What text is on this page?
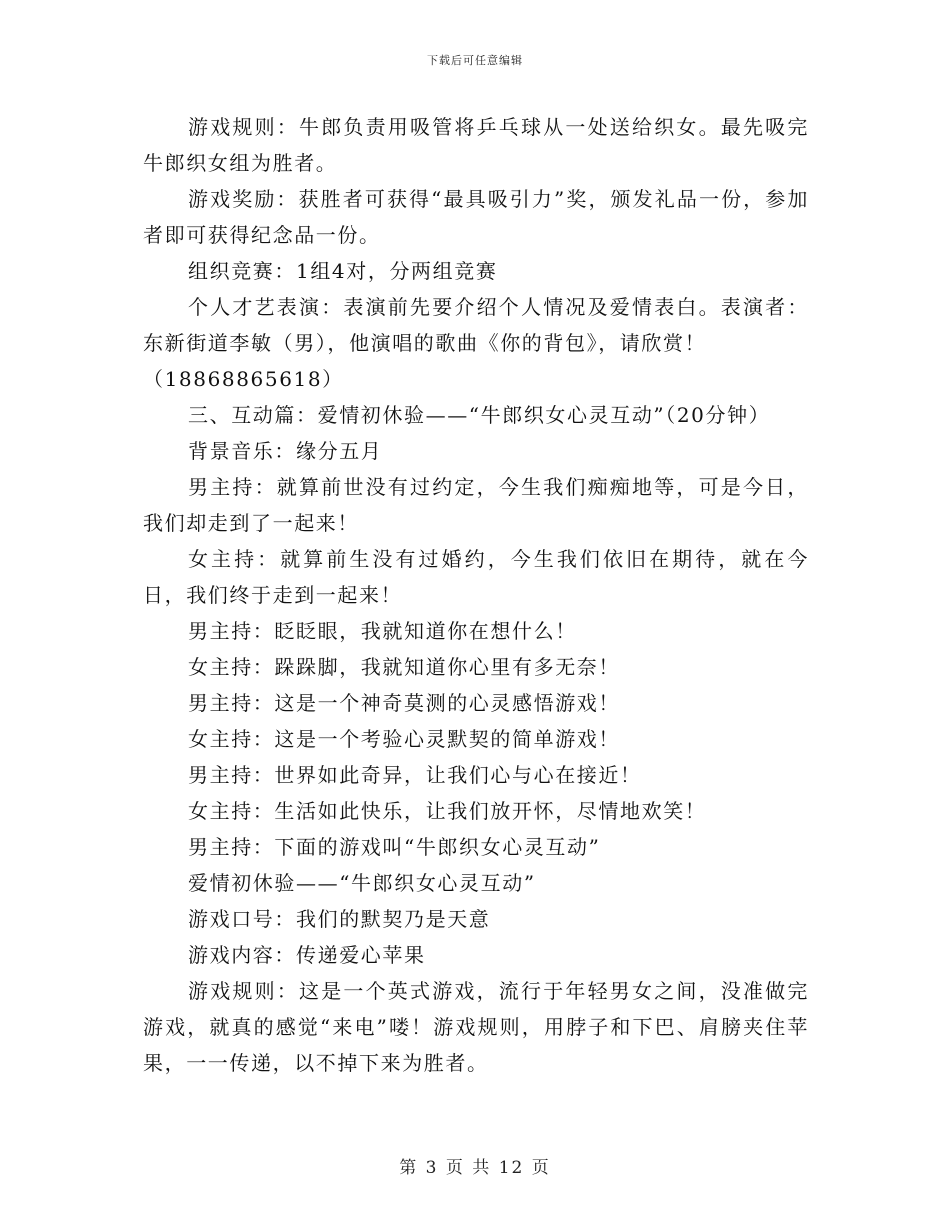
下载后可任意编辑

游戏规则：牛郎负责用吸管将乒乓球从一处送给织女。最先吸完牛郎织女组为胜者。

游戏奖励：获胜者可获得“最具吸引力”奖，颁发礼品一份，参加者即可获得纪念品一份。

组织竞赛：1组4对，分两组竞赛

个人才艺表演：表演前先要介绍个人情况及爱情表白。表演者：东新街道李敏（男），他演唱的歌曲《你的背包》，请欣赏！

（18868865618）

三、互动篇：爱情初休验——“牛郎织女心灵互动”（20分钟）

背景音乐：缘分五月

男主持：就算前世没有过约定，今生我们痴痴地等，可是今日，我们却走到了一起来！

女主持：就算前生没有过婚约，今生我们依旧在期待，就在今日，我们终于走到一起来！

男主持：眨眨眼，我就知道你在想什么！

女主持：跺跺脚，我就知道你心里有多无奈！

男主持：这是一个神奇莫测的心灵感悟游戏！

女主持：这是一个考验心灵默契的简单游戏！

男主持：世界如此奇异，让我们心与心在接近！

女主持：生活如此快乐，让我们放开怀，尽情地欢笑！

男主持：下面的游戏叫“牛郎织女心灵互动”

爱情初休验——“牛郎织女心灵互动”

游戏口号：我们的默契乃是天意

游戏内容：传递爱心苹果

游戏规则：这是一个英式游戏，流行于年轻男女之间，没准做完游戏，就真的感觉“来电”喽！游戏规则，用脖子和下巴、肩膀夹住苹果，一一传递，以不掉下来为胜者。

第 3 页 共 12 页
